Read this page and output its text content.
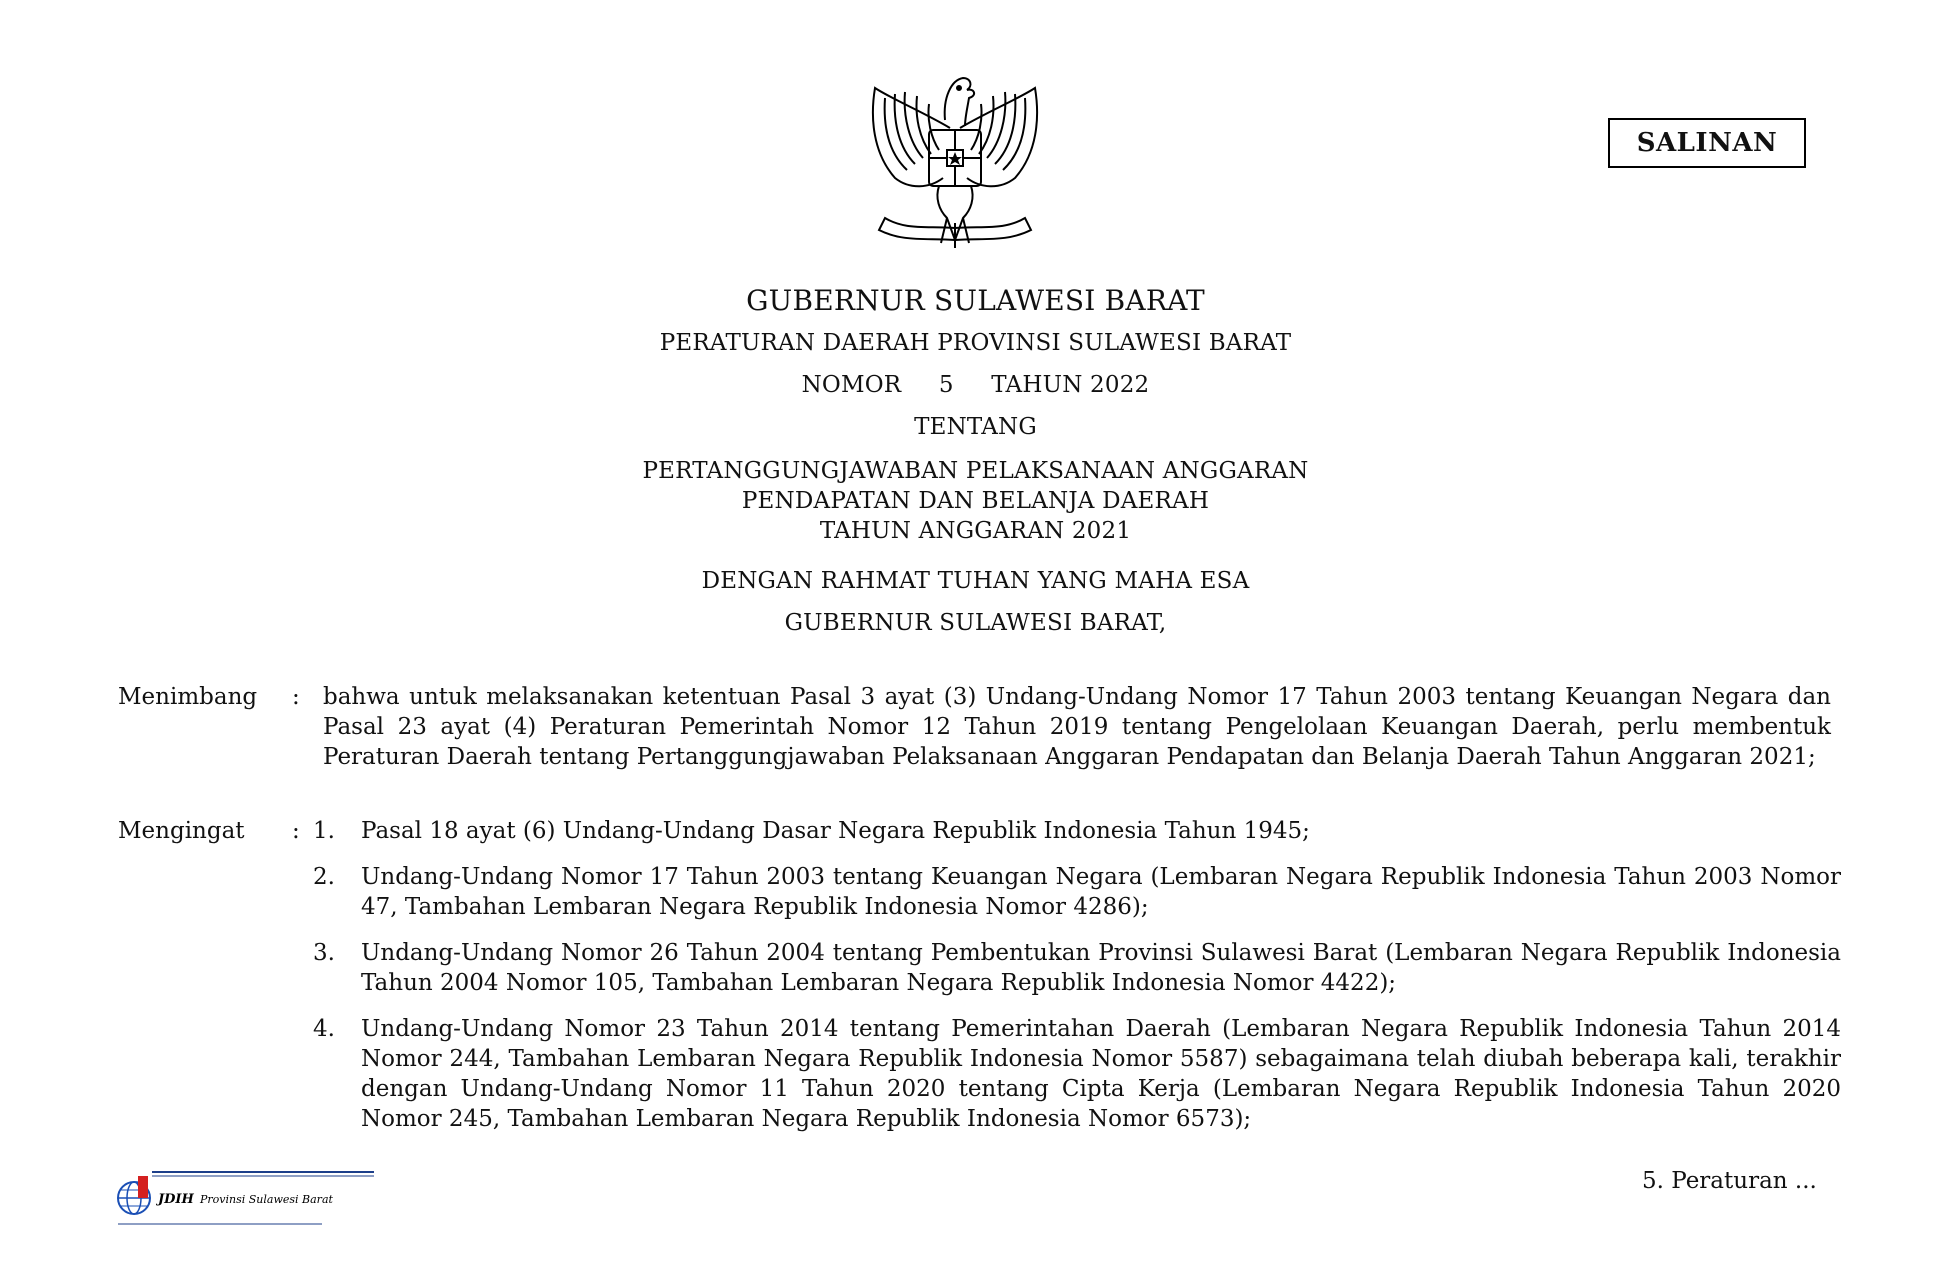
SALINAN
GUBERNUR SULAWESI BARAT
PERATURAN DAERAH PROVINSI SULAWESI BARAT
NOMOR     5     TAHUN 2022
TENTANG
PERTANGGUNGJAWABAN PELAKSANAAN ANGGARAN
PENDAPATAN DAN BELANJA DAERAH
TAHUN ANGGARAN 2021
DENGAN RAHMAT TUHAN YANG MAHA ESA
GUBERNUR SULAWESI BARAT,
Menimbang : bahwa untuk melaksanakan ketentuan Pasal 3 ayat (3) Undang-Undang Nomor 17 Tahun 2003 tentang Keuangan Negara dan Pasal 23 ayat (4) Peraturan Pemerintah Nomor 12 Tahun 2019 tentang Pengelolaan Keuangan Daerah, perlu membentuk Peraturan Daerah tentang Pertanggungjawaban Pelaksanaan Anggaran Pendapatan dan Belanja Daerah Tahun Anggaran 2021;
Mengingat : 1. Pasal 18 ayat (6) Undang-Undang Dasar Negara Republik Indonesia Tahun 1945;
2. Undang-Undang Nomor 17 Tahun 2003 tentang Keuangan Negara (Lembaran Negara Republik Indonesia Tahun 2003 Nomor 47, Tambahan Lembaran Negara Republik Indonesia Nomor 4286);
3. Undang-Undang Nomor 26 Tahun 2004 tentang Pembentukan Provinsi Sulawesi Barat (Lembaran Negara Republik Indonesia Tahun 2004 Nomor 105, Tambahan Lembaran Negara Republik Indonesia Nomor 4422);
4. Undang-Undang Nomor 23 Tahun 2014 tentang Pemerintahan Daerah (Lembaran Negara Republik Indonesia Tahun 2014 Nomor 244, Tambahan Lembaran Negara Republik Indonesia Nomor 5587) sebagaimana telah diubah beberapa kali, terakhir dengan Undang-Undang Nomor 11 Tahun 2020 tentang Cipta Kerja (Lembaran Negara Republik Indonesia Tahun 2020 Nomor 245, Tambahan Lembaran Negara Republik Indonesia Nomor 6573);
JDIH Provinsi Sulawesi Barat
5. Peraturan ...
